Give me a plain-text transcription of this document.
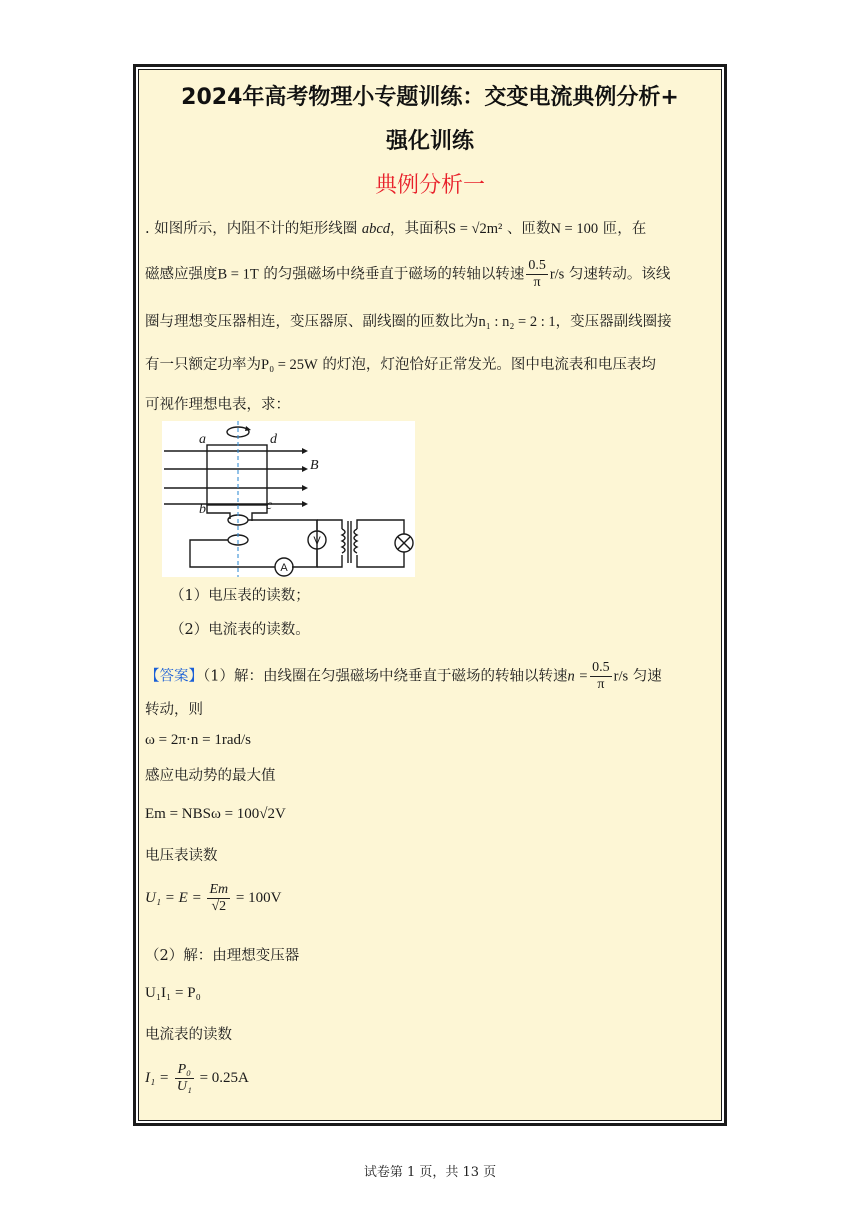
2024年高考物理小专题训练：交变电流典例分析+
强化训练
典例分析一
. 如图所示，内阻不计的矩形线圈 abcd，其面积S = √2m² 、匝数N = 100 匝，在
磁感应强度B = 1T 的匀强磁场中绕垂直于磁场的转轴以转速 $\frac{0.5}{\pi} r/s$ 匀速转动。该线
圈与理想变压器相连，变压器原、副线圈的匝数比为n₁ : n₂ = 2 : 1，变压器副线圈接
有一只额定功率为P₀ = 25W 的灯泡，灯泡恰好正常发光。图中电流表和电压表均
可视作理想电表，求：
a	d
B
b	c
V
A
（1）电压表的读数；
（2）电流表的读数。
【答案】（1）解：由线圈在匀强磁场中绕垂直于磁场的转轴以转速$n = \frac{0.5}{\pi} r/s$ 匀速
转动，则
ω = 2π·n = 1rad/s
感应电动势的最大值
Em = NBSω = 100√2V
电压表读数
$U_1 = E = \frac{Em}{√2} = 100V$
（2）解：由理想变压器
U₁I₁ = P₀
电流表的读数
$I_1 = \frac{\text{P₀}}{\text{U₁}} = 0.25A$
试卷第 1 页，共 13 页
